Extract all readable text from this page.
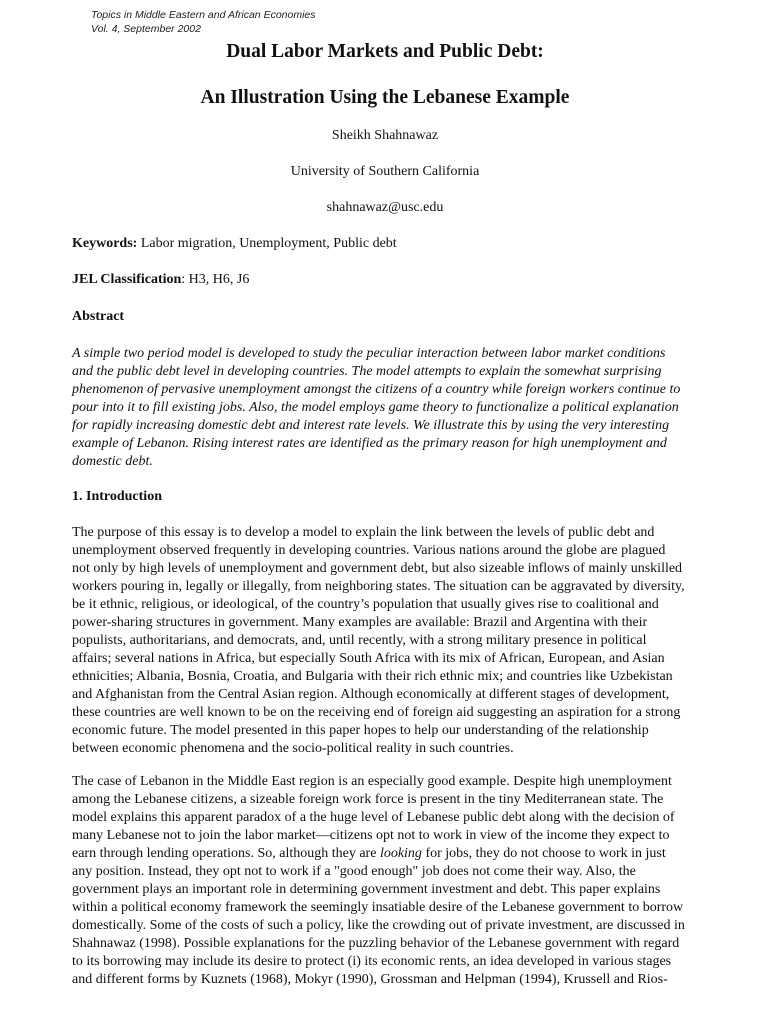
Topics in Middle Eastern and African Economies
Vol. 4, September 2002
Dual Labor Markets and Public Debt:
An Illustration Using the Lebanese Example
Sheikh Shahnawaz
University of Southern California
shahnawaz@usc.edu
Keywords: Labor migration, Unemployment, Public debt
JEL Classification: H3, H6, J6
Abstract
A simple two period model is developed to study the peculiar interaction between labor market conditions
and the public debt level in developing countries. The model attempts to explain the somewhat surprising
phenomenon of pervasive unemployment amongst the citizens of a country while foreign workers continue to
pour into it to fill existing jobs. Also, the model employs game theory to functionalize a political explanation
for rapidly increasing domestic debt and interest rate levels. We illustrate this by using the very interesting
example of Lebanon. Rising interest rates are identified as the primary reason for high unemployment and
domestic debt.
1. Introduction
The purpose of this essay is to develop a model to explain the link between the levels of public debt and
unemployment observed frequently in developing countries. Various nations around the globe are plagued
not only by high levels of unemployment and government debt, but also sizeable inflows of mainly unskilled
workers pouring in, legally or illegally, from neighboring states. The situation can be aggravated by diversity,
be it ethnic, religious, or ideological, of the country’s population that usually gives rise to coalitional and
power-sharing structures in government. Many examples are available: Brazil and Argentina with their
populists, authoritarians, and democrats, and, until recently, with a strong military presence in political
affairs; several nations in Africa, but especially South Africa with its mix of African, European, and Asian
ethnicities; Albania, Bosnia, Croatia, and Bulgaria with their rich ethnic mix; and countries like Uzbekistan
and Afghanistan from the Central Asian region. Although economically at different stages of development,
these countries are well known to be on the receiving end of foreign aid suggesting an aspiration for a strong
economic future. The model presented in this paper hopes to help our understanding of the relationship
between economic phenomena and the socio-political reality in such countries.
The case of Lebanon in the Middle East region is an especially good example. Despite high unemployment
among the Lebanese citizens, a sizeable foreign work force is present in the tiny Mediterranean state. The
model explains this apparent paradox of a the huge level of Lebanese public debt along with the decision of
many Lebanese not to join the labor market—citizens opt not to work in view of the income they expect to
earn through lending operations. So, although they are looking for jobs, they do not choose to work in just
any position. Instead, they opt not to work if a "good enough" job does not come their way. Also, the
government plays an important role in determining government investment and debt. This paper explains
within a political economy framework the seemingly insatiable desire of the Lebanese government to borrow
domestically. Some of the costs of such a policy, like the crowding out of private investment, are discussed in
Shahnawaz (1998). Possible explanations for the puzzling behavior of the Lebanese government with regard
to its borrowing may include its desire to protect (i) its economic rents, an idea developed in various stages
and different forms by Kuznets (1968), Mokyr (1990), Grossman and Helpman (1994), Krussell and Rios-
